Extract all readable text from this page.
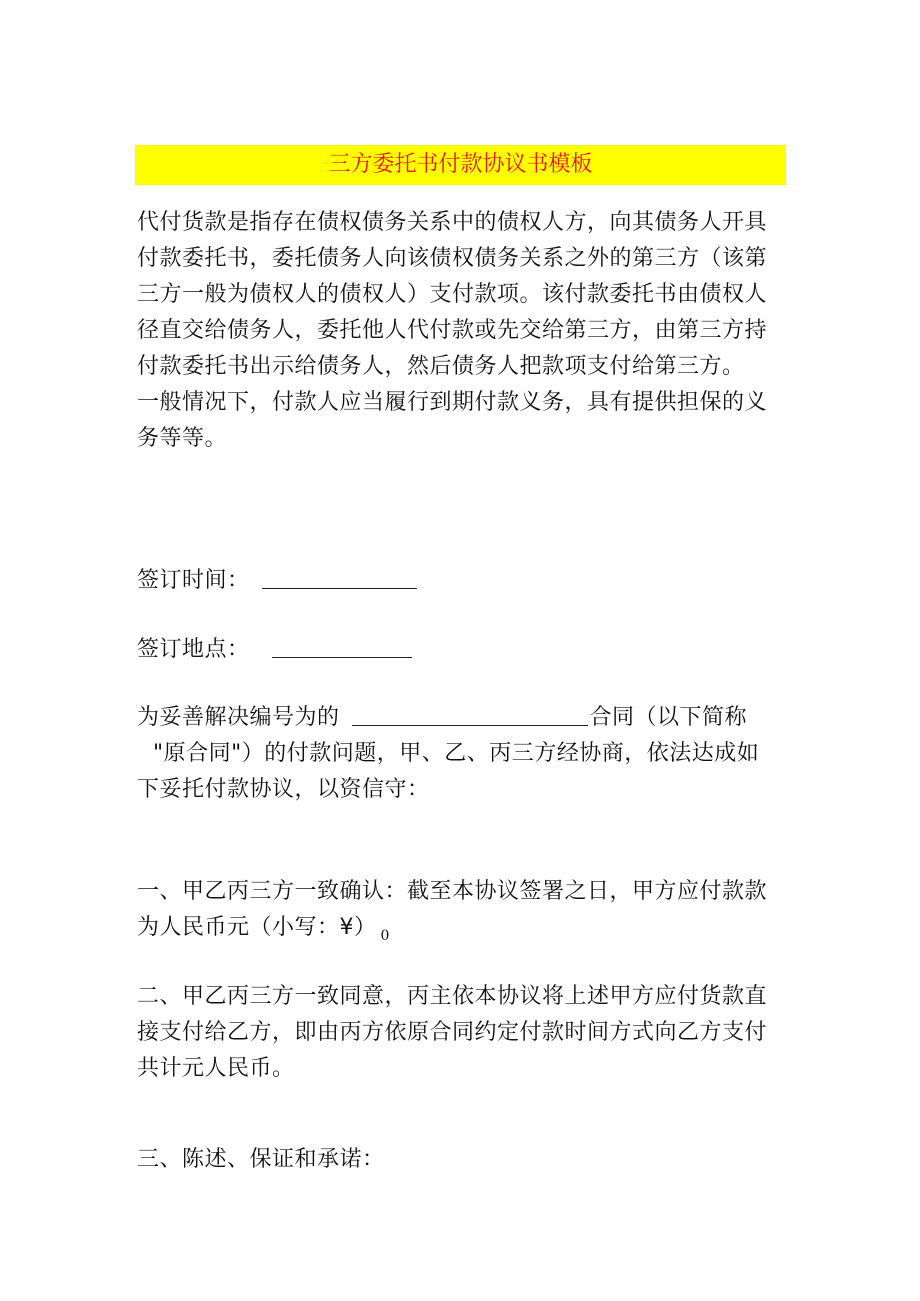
三方委托书付款协议书模板
代付货款是指存在债权债务关系中的债权人方，向其债务人开具
付款委托书，委托债务人向该债权债务关系之外的第三方（该第
三方一般为债权人的债权人）支付款项。该付款委托书由债权人
径直交给债务人，委托他人代付款或先交给第三方，由第三方持
付款委托书出示给债务人，然后债务人把款项支付给第三方。
一般情况下，付款人应当履行到期付款义务，具有提供担保的义
务等等。
签订时间：
签订地点：
为妥善解决编号为的	合同（以下简称
"原合同"）的付款问题，甲、乙、丙三方经协商，依法达成如
下妥托付款协议，以资信守：
一、甲乙丙三方一致确认：截至本协议签署之日，甲方应付款款
为人民币元（小写：¥） $_0$
二、甲乙丙三方一致同意，丙主依本协议将上述甲方应付货款直
接支付给乙方，即由丙方依原合同约定付款时间方式向乙方支付
共计元人民币。
三、陈述、保证和承诺：
